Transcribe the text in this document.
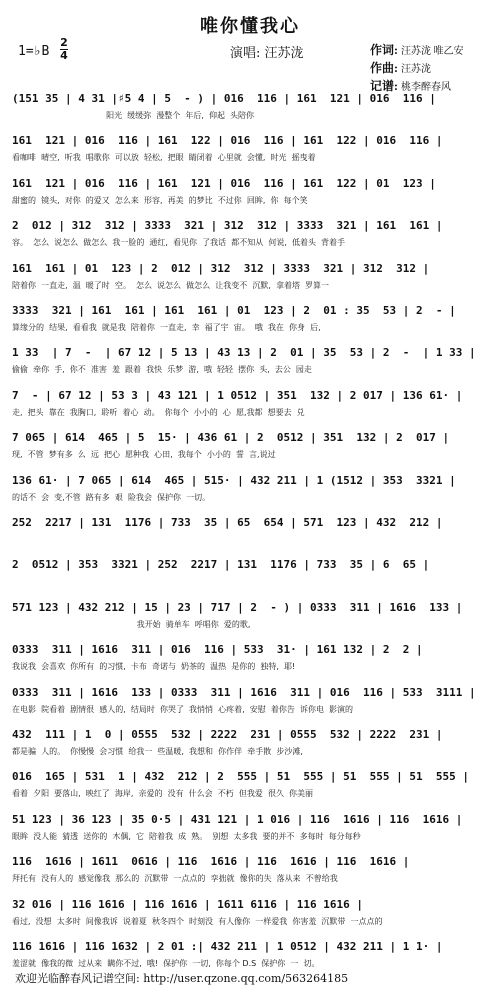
唯你懂我心
1=♭B
2
4	演唱: 汪苏泷	作词: 汪苏泷 唯乙安
作曲: 汪苏泷
记谱: 桃李醉春风
(151 35 | 4 31 |♯5 4 | 5  - ) | 016  116 | 161  121 | 016  116 |
阳光  缓缓弥  漫整个  年后,  仰起  头陪你
161  121 | 016  116 | 161  122 | 016  116 | 161  122 | 016  116 |
看咖啡  晴空,  听我  唱歌你  可以放  轻松,  把眼  睛闭着  心里就  会懂,  时光  摇曳着
161  121 | 016  116 | 161  121 | 016  116 | 161  122 | 01  123 |
甜蜜的  镜头,  对你  的爱又  怎么来  形容,  再美  的梦比  不过你  回眸,  你  每个笑
2  012 | 312  312 | 3333  321 | 312  312 | 3333  321 | 161  161 |
容。  怎么  说怎么  做怎么  我一脸的  通红,  看见你  了我话  都不知从  何说,  低着头  背着手
161  161 | 01  123 | 2  012 | 312  312 | 3333  321 | 312  312 |
陪着你  一直走,  温  暖了时  空。  怎么  说怎么  做怎么  让我变不  沉默,  拿着塔  罗算一
3333  321 | 161  161 | 161  161 | 01  123 | 2  01 : 35  53 | 2  - |
算缘分的  结果,  看看我  就是我  陪着你  一直走,  幸  福了宇  宙。  哦  我在  你身  后,
1 33  | 7  -  | 67 12 | 5 13 | 43 13 | 2  01 | 35  53 | 2  -  | 1 33 |
偷偷  牵你  手,  你不  准害  羞  跟着  我快  乐梦  游,  哦  轻轻  摆你  头,  去公  园走
7  - | 67 12 | 53 3 | 43 121 | 1 0512 | 351  132 | 2 017 | 136 61· |
走,  把头  靠在  我胸口,  聆听  着心  动。  你每个  小小的  心  愿,我都  想要去  兑
7 065 | 614  465 | 5  15· | 436 61 | 2  0512 | 351  132 | 2  017 |
现,  不管  梦有多  么  远  把心  愿种我  心田,  我每个  小小的  誓  言,说过
136 61· | 7 065 | 614  465 | 515· | 432 211 | 1 (1512 | 353  3321 |
的话不  会  变,不管  路有多  艰  险我会  保护你  一切。
252  2217 | 131  1176 | 733  35 | 65  654 | 571  123 | 432  212 |
2  0512 | 353  3321 | 252  2217 | 131  1176 | 733  35 | 6  65 |
571 123 | 432 212 | 15 | 23 | 717 | 2  - ) | 0333  311 | 1616  133 |
我开始  骑单车  呼唱你  爱的歌,
0333  311 | 1616  311 | 016  116 | 533  31· | 161 132 | 2  2 |
我说我  会喜欢  你所有  的习惯,  卡布  奇诺与  奶茶的  温热  是你的  独特,  耶!
0333  311 | 1616  133 | 0333  311 | 1616  311 | 016  116 | 533  3111 |
在电影  院看着  剧情很  感人的,  结局时  你哭了  我悄悄  心疼着,  安慰  着你告  诉你电  影演的
432  111 | 1  0 | 0555  532 | 2222  231 | 0555  532 | 2222  231 |
都是骗  人的。  你慢慢  会习惯  给我一  些温暖,  我想和  你作伴  牵手散  步沙滩,
016  165 | 531  1 | 432  212 | 2  555 | 51  555 | 51  555 | 51  555 |
看着  夕阳  要落山,  映红了  海岸,  亲爱的  没有  什么会  不朽  但我爱  很久  你美丽
51 123 | 36 123 | 35 0·5 | 431 121 | 1 016 | 116  1616 | 116  1616 |
眼眸  没人能  猜透  送你的  木偶,  它  陪着我  成  熟。  别想  太多我  要的并不  多每时  每分每秒
116  1616 | 1611  0616 | 116  1616 | 116  1616 | 116  1616 |
拜托有  没有人的  感觉像我  那么的  沉默带  一点点的  孪拙就  像你的失  落从来  不曾给我
32 016 | 116 1616 | 116 1616 | 1611 6116 | 116 1616 |
看过,  没想  太多时  间像我诉  说着夏  秋冬四个  时刻没  有人像你  一样爱我  你害羞  沉默带  一点点的
116 1616 | 116 1632 | 2 01 :| 432 211 | 1 0512 | 432 211 | 1 1· |
羞涩就  像我的微  过从来  瞒你不过,  哦!  保护你  一切,  你每个 D.S  保护你  一  切。
欢迎光临醉春风记谱空间: http://user.qzone.qq.com/563264185
